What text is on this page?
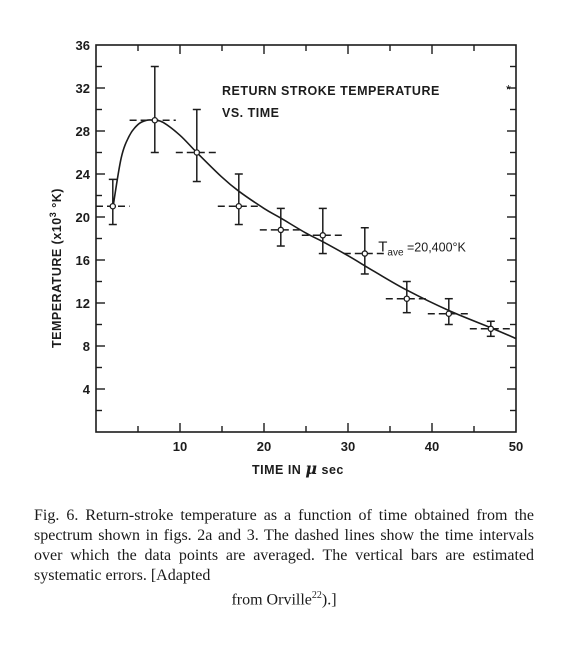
10	20	30	40	50
4
8
12
16
20
24
28
32
36
RETURN STROKE TEMPERATURE
VS. TIME
$T_{ave} =20,400^\circ K$
*
TIME IN μ sec
TEMPERATURE ($x10^3$ °K)
Fig. 6. Return-stroke temperature as a function of time obtained from the spectrum shown in figs. 2a and 3. The dashed lines show the time intervals over which the data points are averaged. The vertical bars are estimated systematic errors. [Adapted
from Orville$^{22}$).]
